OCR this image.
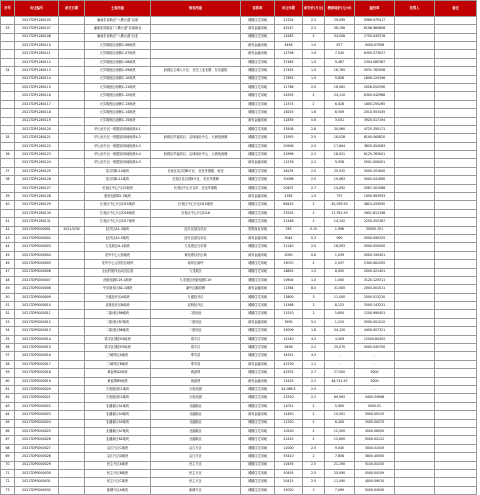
序号	出让编号	成交日期			土地用途	规划用途	容积率	出让年限	成交价(万元)	楼面地价(元/㎡)	溢价率	竞得人	备注
	2021TDP1280105				潼南东部新区"八横大道"以南		城镇住宅用地	21224	2.3	29,099	5969.975417		
33	2021TDP1280107				潼南东部新区"八横大道"以南商业		商务金融用地	45247	2.3	56,106	6196.960806		
	2021TDP1280108				潼南东部新区"八横大道"以北		城镇住宅用地	14283	2	34,006	1750.045376		
	2021TDP1280110				大学城西区南侧C-06地块		商务金融用地	4456	1.0	877	0000.07956		
	2021TDP1280111				大学城西区南侧C-07地块		商务金融用地	12796	1.9	7,540	6305.273027		
	2021TDP1280112				大学城西区南侧C-08地块		城镇住宅用地	37465	1.5	9,487	2304.085387		
34	2021TDP1280113				大学城西区南侧C-09地块	西城区主城入片区、北至工业北路、东至嘉陵	城镇住宅用地	27455	1.5	16,765	5031.762958		
	2021TDP1280114				大学城西区南侧C-10地块		城镇住宅用地	27855	1.5	9,808	1806.120346		
	2021TDP1280115				大学城西区南侧C-11地块		城镇住宅用地	21766	2.5	18,061	2026.052590		
	2021TDP1280116				大学城西区南侧C-12地块		城镇住宅用地	24555	2	24,110	6300.042968		
	2021TDP1280117				大学城西区南侧C-13地块		城镇住宅用地	11574	2	6,028	1800.250265		
	2021TDP1280118				大学城西区南侧C-14地块		城镇住宅用地	16253	1.6	8,509	2010.553435		
	2021TDP1280119				大学城西区南侧C-15地块		商务金融用地	12839	0.6	3,031	3920.017194		
	2021TDP1280120				华山北片区一期建设用地地块4-1		城镇住宅用地	33508	2.8	30,060	4725.350171		
35	2021TDP1280121				华山北片区一期建设用地地块4-2	西城区华福项目、沿城南北中心、大纵线西侧	城镇住宅用地	22955	2.5	18,028	6100.065820		
	2021TDP1280122				华山北片区一期建设用地地块4-3		城镇住宅用地	20908	2.5	17,604	3820.054563		
36	2021TDP1280123				华山北片区一期建设用地地块4-4	西城区华福项目、沿城南北中心、大纵线西侧	城镇住宅用地	22996	2.2	18,921	6125.763001		
	2021TDP1280124				华山北片区一期建设用地地块4-5		商务金融用地	11576	2.2	9,058	5001.000001		
37	2021TDP1280125				花卉园B-10地块	长寿区花卉园B片区、北至华康路、南至	城镇住宅用地	28235	2.5	20,032	3000.201640		
38	2021TDP1280126				花卉园B-11地块	长寿区花卉园B片区、北至华康路	城镇住宅用地	30098	2.5	19,063	3000.041890		
	2021TDP1280127				长寿区中心片区E地块	长寿区中心片区E、北至华康路	城镇住宅用地	20407	2.7	14,092	2567.401086		
39	2021TDP1280128				晏家组团D2-3地块		商务金融用地	4785	1.5	757	1950.993953		
40	2021TDP1280129				长寿区中心片区D15地块	长寿区中心片区D15地块	城镇住宅用地	66425	2	40,093.50	4824.434550		
	2021TDP1280130				长寿区中心片区D16地块	长寿区中心片区D16	城镇住宅用地	33255	2	17,351.50	2601.811348		
41	2021TDP1280131				长寿区中心片区D17地块		城镇住宅用地	51448	2	14,102	2250.052387		
42	2021TDP0000001	2021/3/30			经开区A1-3地块	经开区绿岛项目	零售商业用地	783	0.15	1,996	35000.701		
43	2021TDP0000002				经开区A2-5地块	经开区绿岛项目	商务金融用地	3045	0.3	990	5000.090325		
44	2021TDP0000003				九龙坡区A-1地块	九龙坡区白市驿	城镇住宅用地	21240	2.5	16,053	3000.050500		
45	2021TDP0000004				龙华中心公园地块	黄泥塝以东区域	商务金融用地	2050	0.6	1,039	5000.190451		
46	2021TDP0000005				龙华中心公园东区地块	南岸区南坪	城镇住宅用地	19070	2	2,037	2300.061205		
47	2021TDP0000006				全运村团体运动员住宿	九龙坡区	城镇住宅用地	18825	1.5	8,005	2000.021451		
48	2021TDP0000007				西彭组团C19-1地块	九龙坡区西彭组团C19	城镇住宅用地	10904	1.0	1,000	3120.120311		
49	2021TDP0000008				中央商务区B2-1地块	渝中区解放碑	商务金融用地	11564	8.0	31,005	2000.001011		
50	2021TDP0000009				万盛经开区A地块	万盛经开区	城镇住宅用地	13800	3	11,000	2500.013220		
51	2021TDP0000010				双桥经开区B地块	双桥经开区	城镇住宅用地	11568	2	8,123	3500.143231		
52	2021TDP0000011				二郎西区B6地块	二郎西区	城镇住宅用地	22510	2	5,600	1200.990451		
53	2021TDP0000012				二郎西区B7地块	二郎西区	商务金融用地	3930	5.2	1,210	3000.001012		
54	2021TDP0000013				二郎西区B8地块	二郎西区	城镇住宅用地	25009	1.8	34,120	4450.007321		
55	2021TDP0000014				梁平区城东E4地块	梁平区	城镇住宅用地	12240	4.5	4,509	12500.60452		
56	2021TDP0000015				梁平区城东E5地块	梁平区	城镇住宅用地	9458	2.2	25,070	5000.045700		
57	2021TDP0000016				三峡库区A地块	奉节县	城镇住宅用地	34521	4.5	-	-		
58	2021TDP0000017				三峡库区B地块	奉节县	商务金融用地	41230	1.1	-	-		
59	2021TDP0000018				黄泥塝A2地块	黄泥塝	城镇住宅用地	42532	2.7	27,000	5000		
60	2021TDP0000019				黄泥塝B5地块	黄泥塝	商务金融用地	15425	2.2	46,741.97	5000		
61	2021TDP0000020				天府组团C1地块	天府组团	城镇住宅用地	44,086.5	2.5	-	-		
62	2021TDP0000021				天府组团C2地块	天府组团	城镇住宅用地	22520	2.2	69,563	4400.34998		
63	2021TDP0000022				北湖新区A1地块	北湖新区	城镇住宅用地	12021	2	5,900	5000.01		
64	2021TDP0000023				北湖新区A3地块	北湖新区	商务金融用地	12450	2	10,001	5900.09125		
65	2021TDP0000024				北湖新区A5地块	北湖新区	城镇住宅用地	11520	2	8,400	3000.00075		
66	2021TDP0000025				北湖新区A7地块	北湖新区	城镇住宅用地	10250	2	12,500	4500.06500		
67	2021TDP0000026				北湖新区B2地块	北湖新区	城镇住宅用地	22410	2	12,600	5000.04122		
68	2021TDP0000027				沿江片区C地块	沿江片区	城镇住宅用地	12000	2.5	9,040	3000.01045		
69	2021TDP0000028				沿江片区D地块	沿江片区	城镇住宅用地	55410	2	7,808	3800.40000		
70	2021TDP0000029				民主片区A地块	民主片区	城镇住宅用地	10455	2.5	21,190	5100.04150		
71	2021TDP0000030				民主片区B地块	民主片区	城镇住宅用地	30455	2.5	25,090	5000.04109		
72	2021TDP0000031				民主片区C地块	民主片区	城镇住宅用地	20415	2.5	11,090	4000.09010		
73	2021TDP0000032				新塘片区A地块	新塘片区	城镇住宅用地	15020	3	7,090	5000.04500		
